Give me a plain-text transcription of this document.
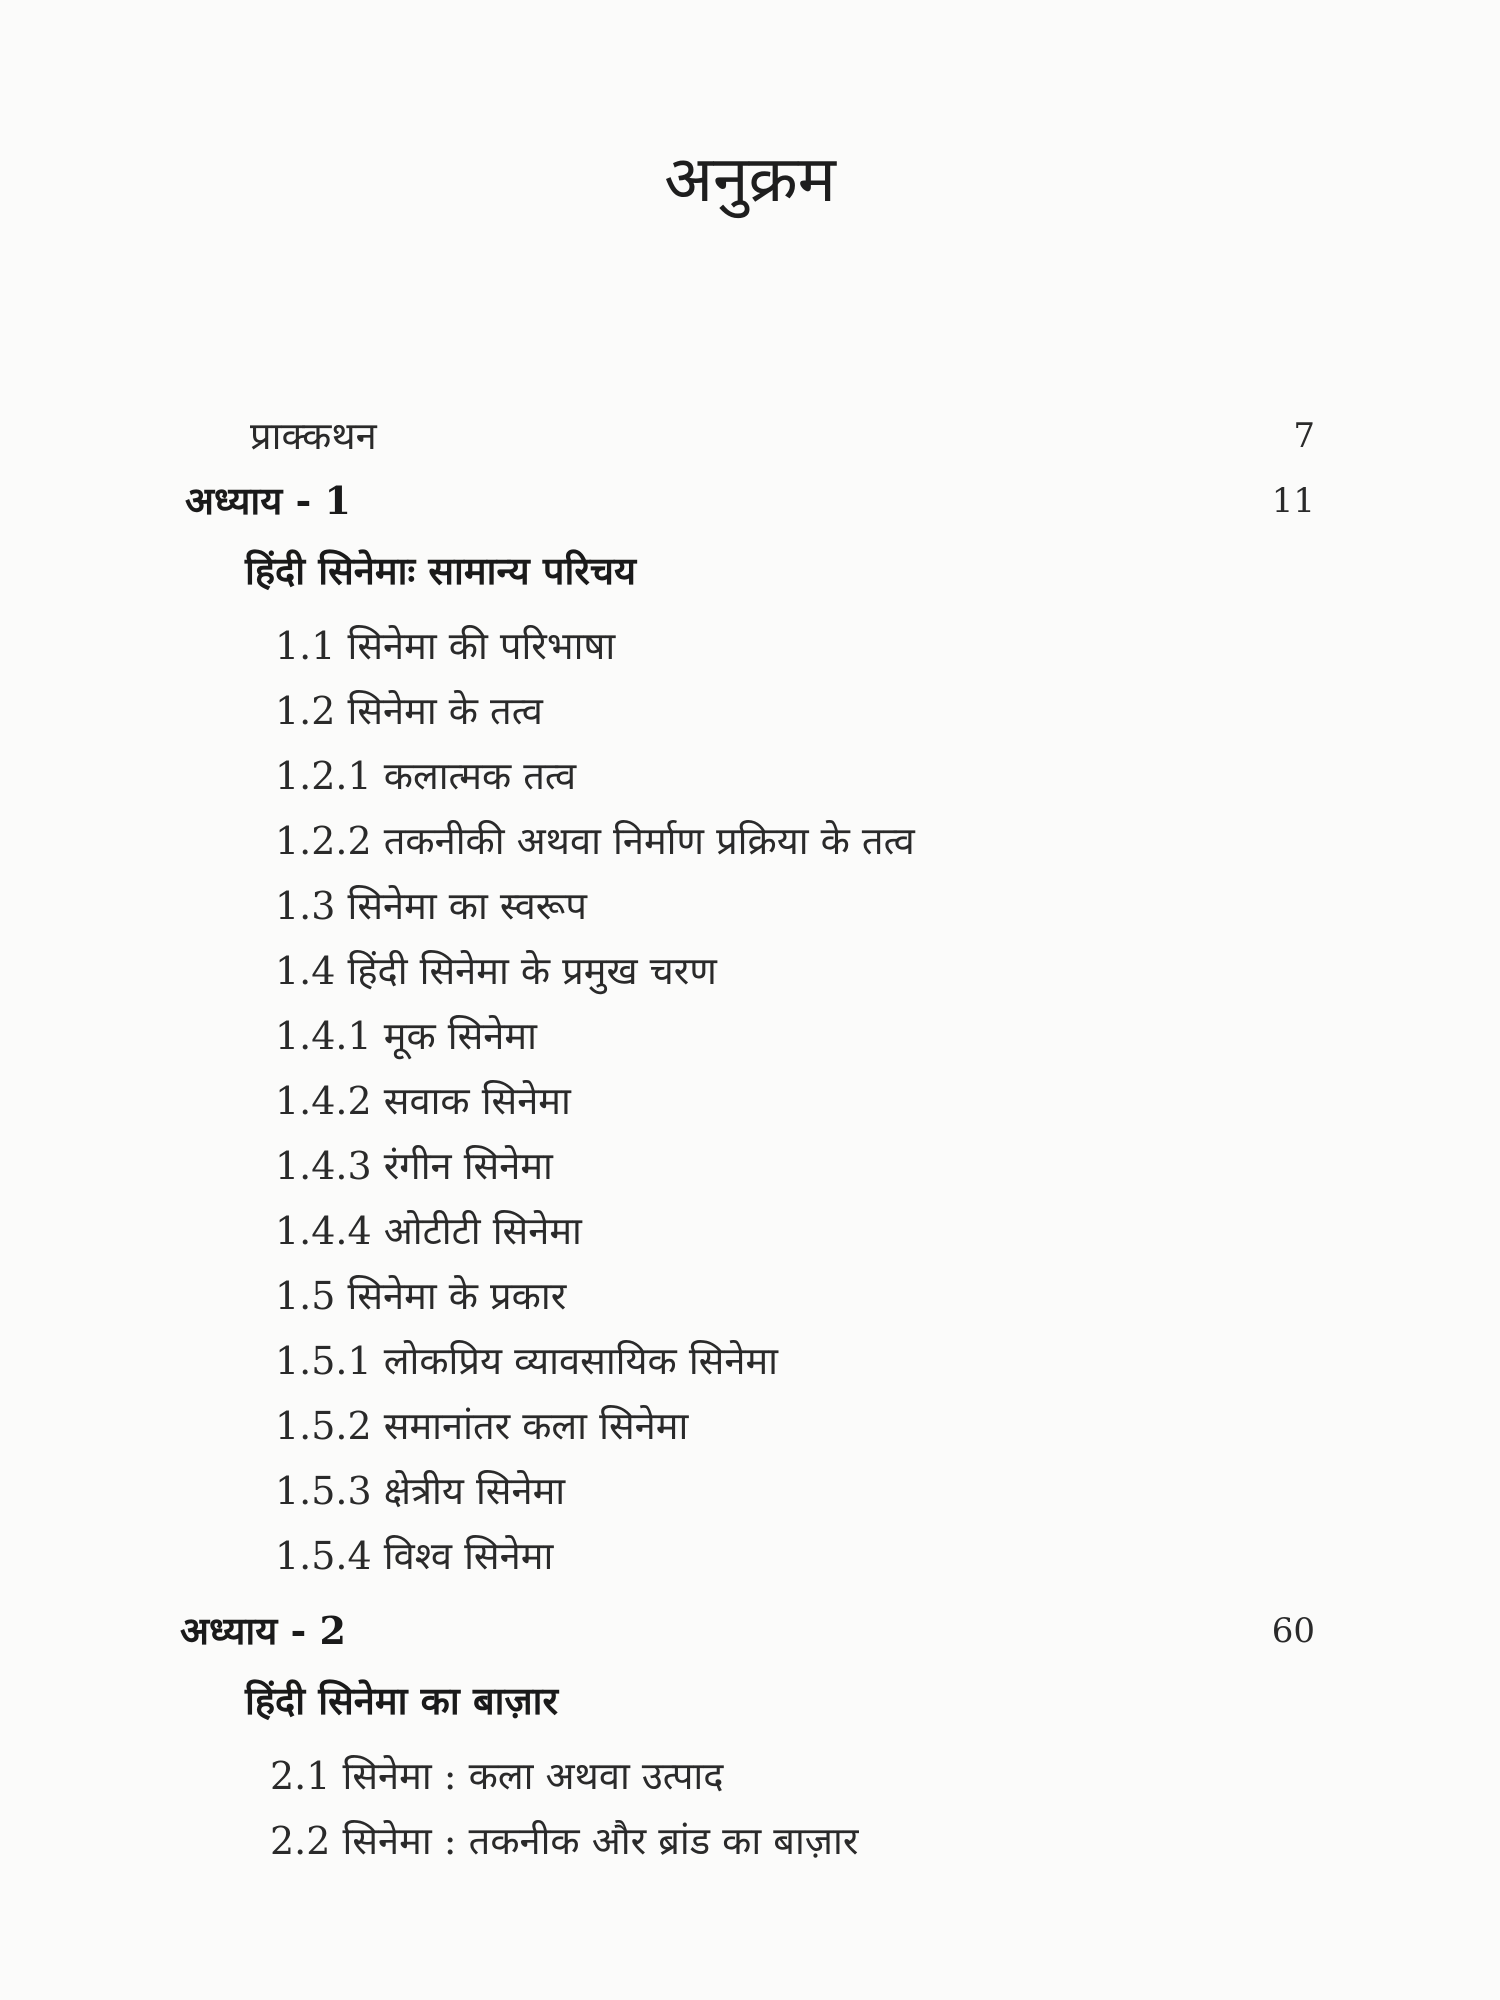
अनुक्रम
प्राक्कथन	7
अध्याय - 1	11
हिंदी सिनेमाः सामान्य परिचय
1.1 सिनेमा की परिभाषा
1.2 सिनेमा के तत्व
1.2.1 कलात्मक तत्व
1.2.2 तकनीकी अथवा निर्माण प्रक्रिया के तत्व
1.3 सिनेमा का स्वरूप
1.4 हिंदी सिनेमा के प्रमुख चरण
1.4.1 मूक सिनेमा
1.4.2 सवाक सिनेमा
1.4.3 रंगीन सिनेमा
1.4.4 ओटीटी सिनेमा
1.5 सिनेमा के प्रकार
1.5.1 लोकप्रिय व्यावसायिक सिनेमा
1.5.2 समानांतर कला सिनेमा
1.5.3 क्षेत्रीय सिनेमा
1.5.4 विश्व सिनेमा
अध्याय - 2	60
हिंदी सिनेमा का बाज़ार
2.1 सिनेमा : कला अथवा उत्पाद
2.2 सिनेमा : तकनीक और ब्रांड का बाज़ार
